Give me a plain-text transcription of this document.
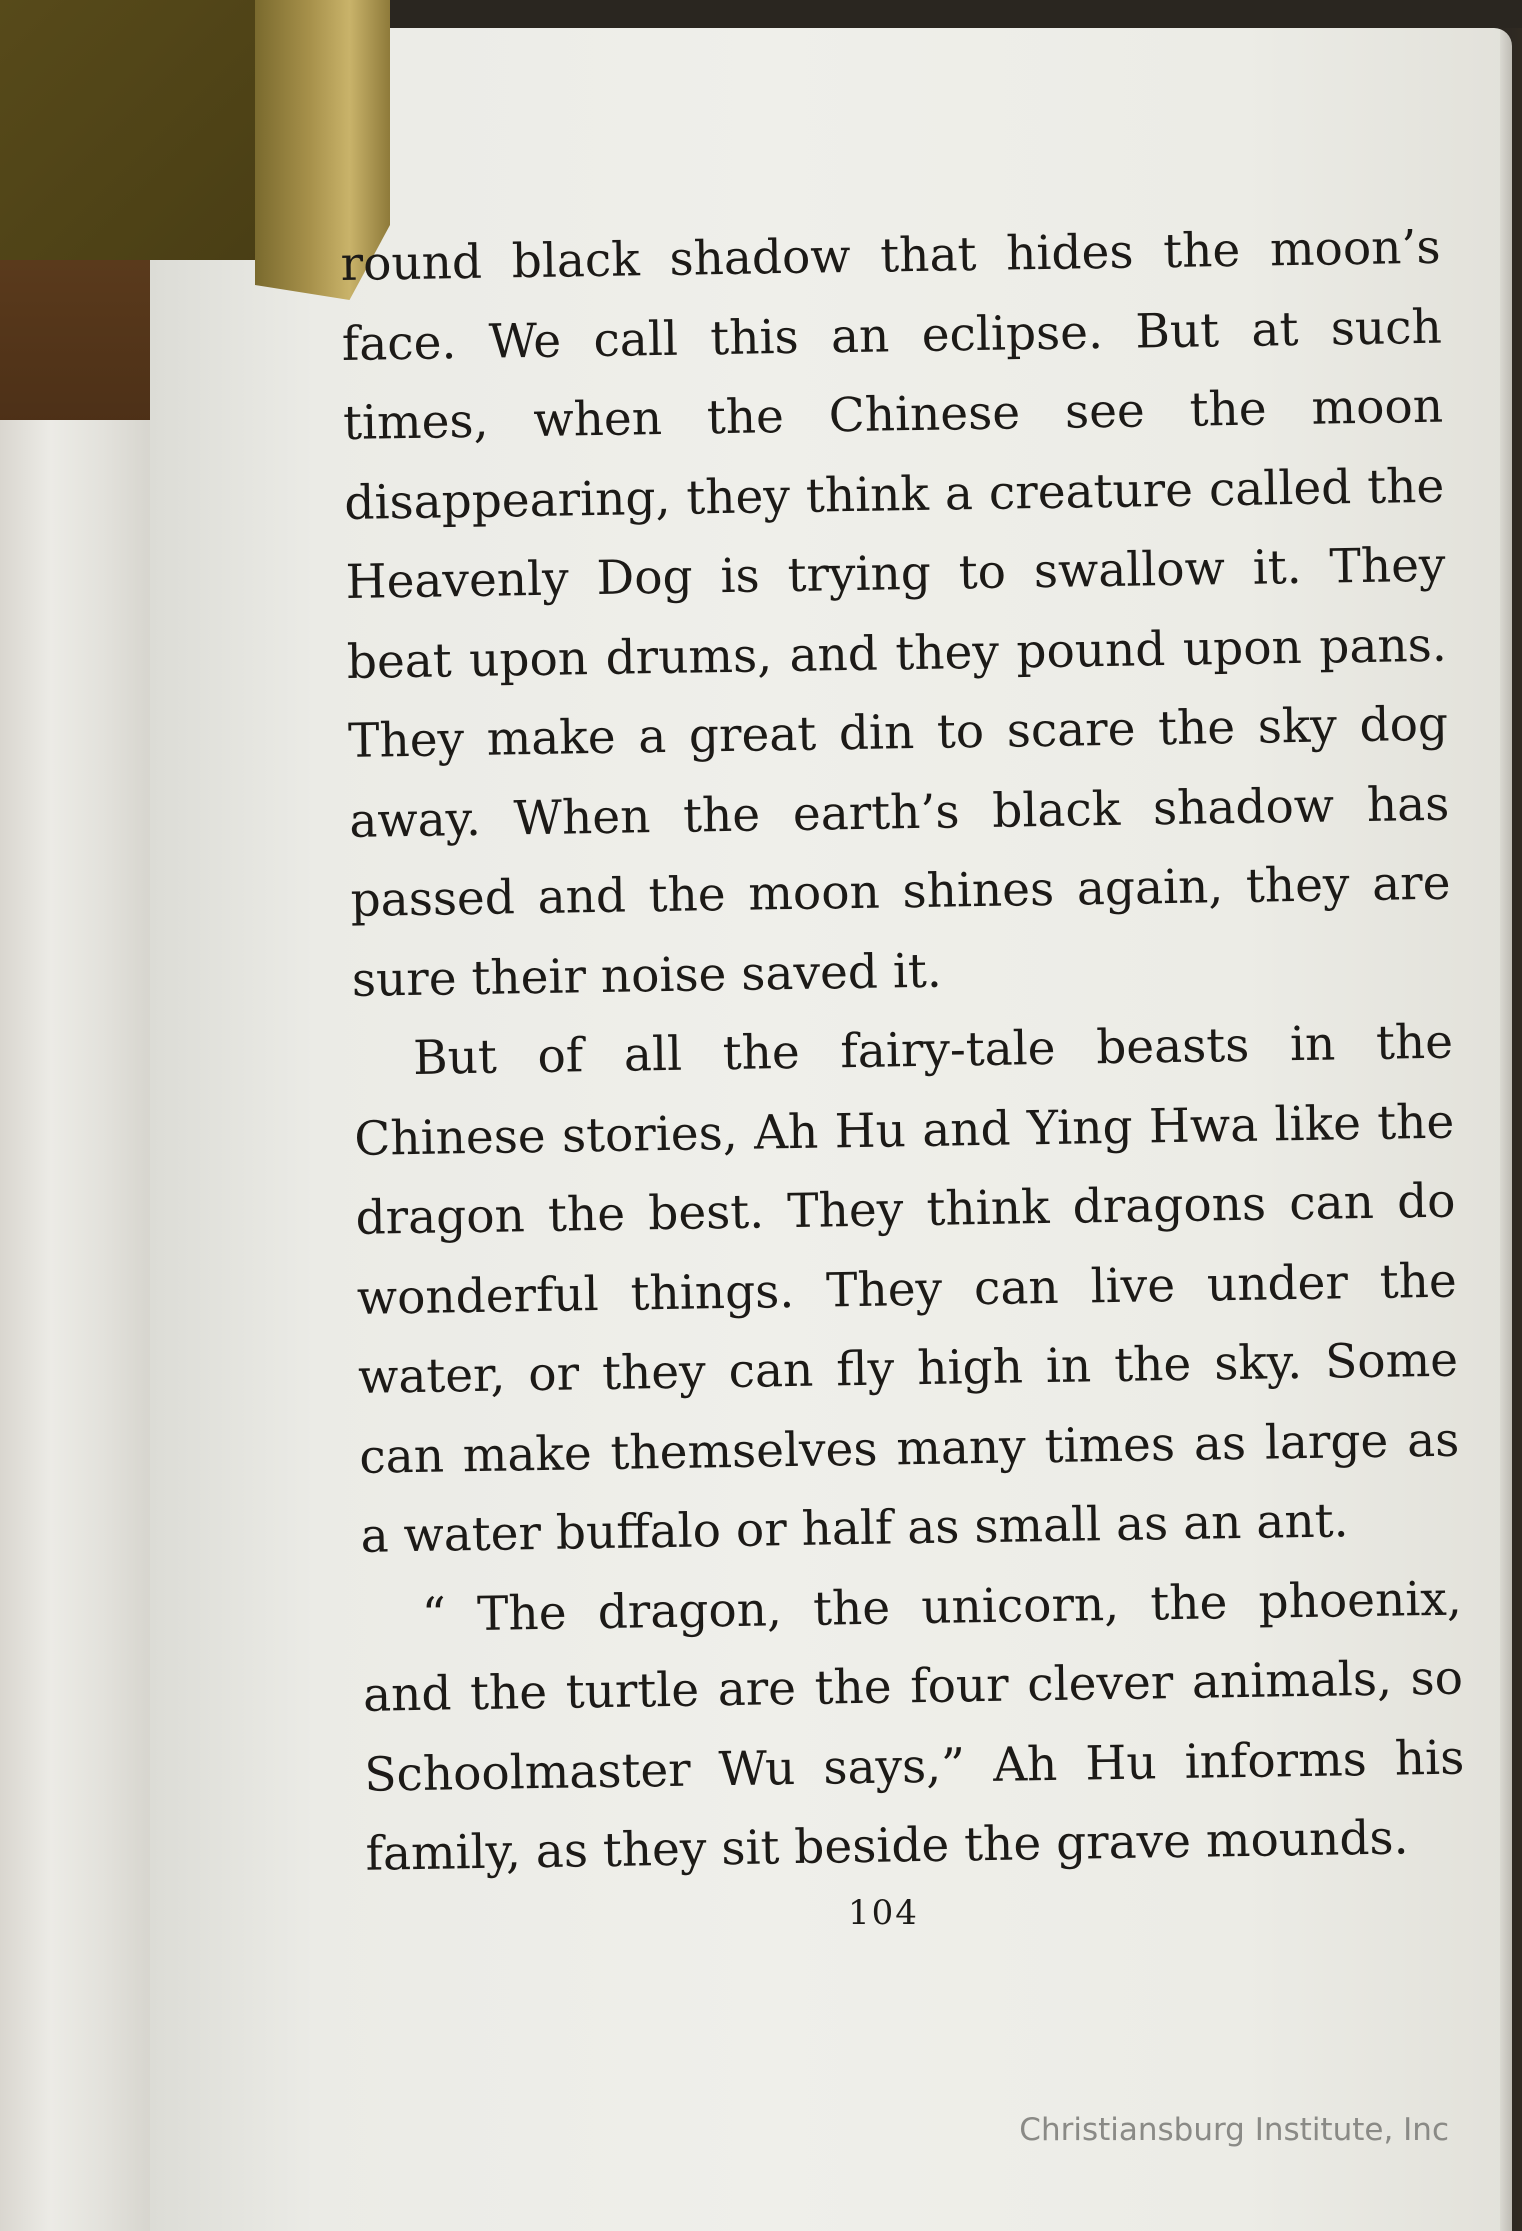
round black shadow that hides the moon’s face. We call this an eclipse. But at such times, when the Chinese see the moon disappearing, they think a creature called the Heavenly Dog is trying to swallow it. They beat upon drums, and they pound upon pans. They make a great din to scare the sky dog away. When the earth’s black shadow has passed and the moon shines again, they are sure their noise saved it.

But of all the fairy-tale beasts in the Chinese stories, Ah Hu and Ying Hwa like the dragon the best. They think dragons can do wonderful things. They can live under the water, or they can fly high in the sky. Some can make themselves many times as large as a water buffalo or half as small as an ant.

“ The dragon, the unicorn, the phoenix, and the turtle are the four clever animals, so Schoolmaster Wu says,” Ah Hu informs his family, as they sit beside the grave mounds.

104
Christiansburg Institute, Inc
